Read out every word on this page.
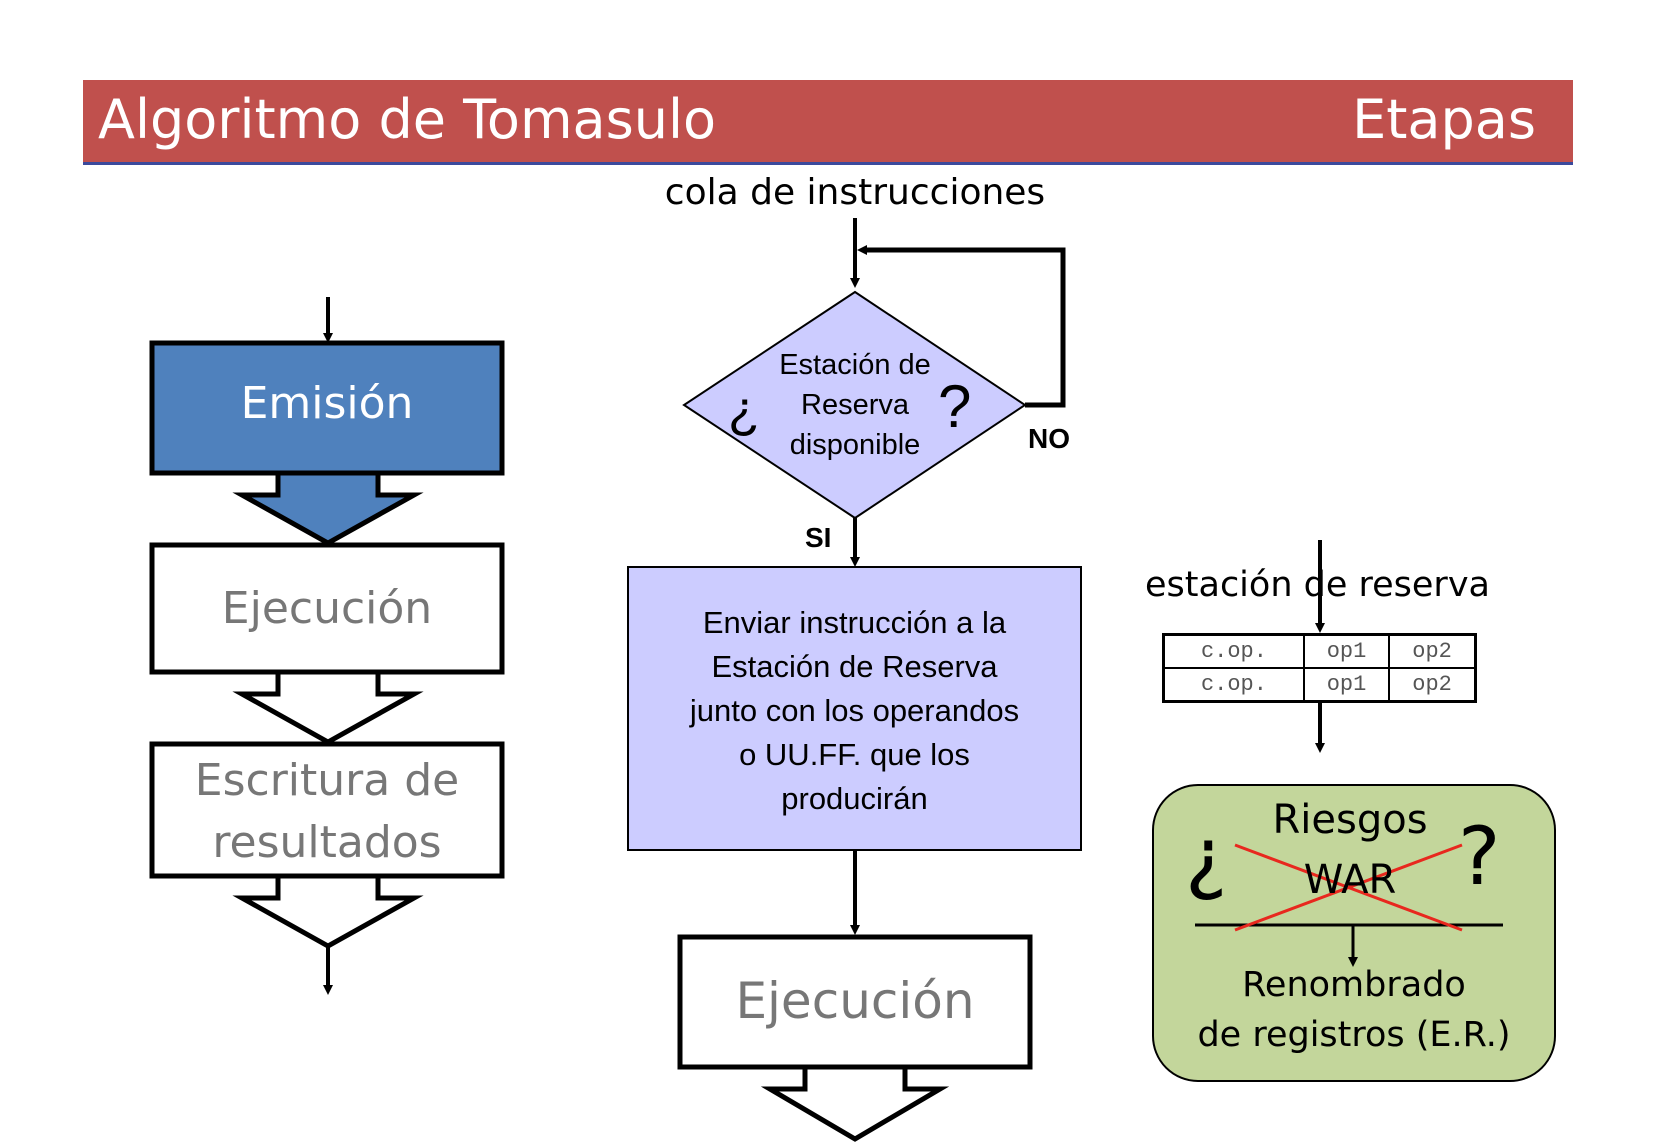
Algoritmo de Tomasulo	Etapas
Emisión
Ejecución
Escritura de
resultados
cola de instrucciones
¿
Estación de
Reserva
disponible
? NO
SI
Enviar instrucción a la
Estación de Reserva
junto con los operandos
o UU.FF. que los
producirán
Ejecución
estación de reserva
c.op.	op1	op2
c.op.	op1	op2
¿	?
Riesgos
WAR
Renombrado
de registros (E.R.)
